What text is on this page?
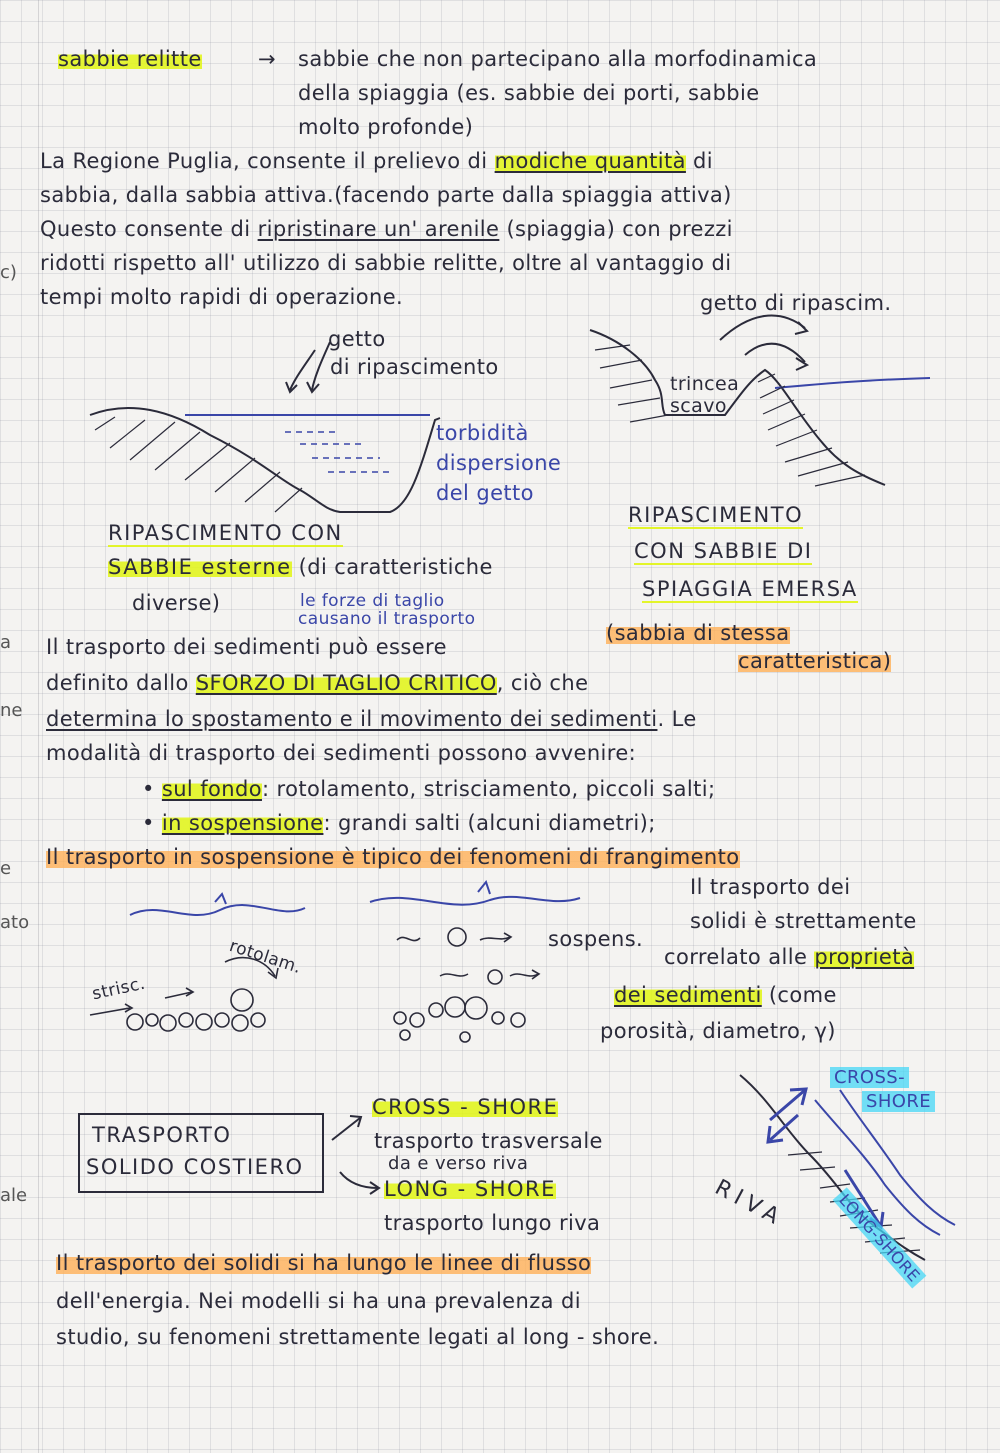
c)
a
ne
e
ato
ale
sabbie relitte	→ sabbie che non partecipano alla morfodinamica
della spiaggia (es. sabbie dei porti, sabbie
molto profonde)
La Regione Puglia, consente il prelievo di modiche quantità di
sabbia, dalla sabbia attiva.(facendo parte dalla spiaggia attiva)
Questo consente di ripristinare un' arenile (spiaggia) con prezzi
ridotti rispetto all' utilizzo di sabbie relitte, oltre al vantaggio di
tempi molto rapidi di operazione.
getto
di ripascimento
torbidità
dispersione
del getto
RIPASCIMENTO CON
SABBIE esterne (di caratteristiche
diverse)
getto di ripascim.
trincea
scavo
RIPASCIMENTO
CON SABBIE DI
SPIAGGIA EMERSA
(sabbia di stessa
caratteristica)
le forze di taglio
causano il trasporto
Il trasporto dei sedimenti può essere
definito dallo SFORZO DI TAGLIO CRITICO, ciò che
determina lo spostamento e il movimento dei sedimenti. Le
modalità di trasporto dei sedimenti possono avvenire:
• sul fondo: rotolamento, strisciamento, piccoli salti;
• in sospensione: grandi salti (alcuni diametri);
Il trasporto in sospensione è tipico dei fenomeni di frangimento
strisc.
rotolam.	sospens.
Il trasporto dei
solidi è strettamente
correlato alle proprietà
dei sedimenti (come
porosità, diametro, γ)
TRASPORTO
SOLIDO COSTIERO
CROSS - SHORE
trasporto trasversale
da e verso riva
LONG - SHORE
trasporto lungo riva
CROSS-
SHORE
LONG-SHORE
RIVA
Il trasporto dei solidi si ha lungo le linee di flusso
dell'energia. Nei modelli si ha una prevalenza di
studio, su fenomeni strettamente legati al long - shore.
